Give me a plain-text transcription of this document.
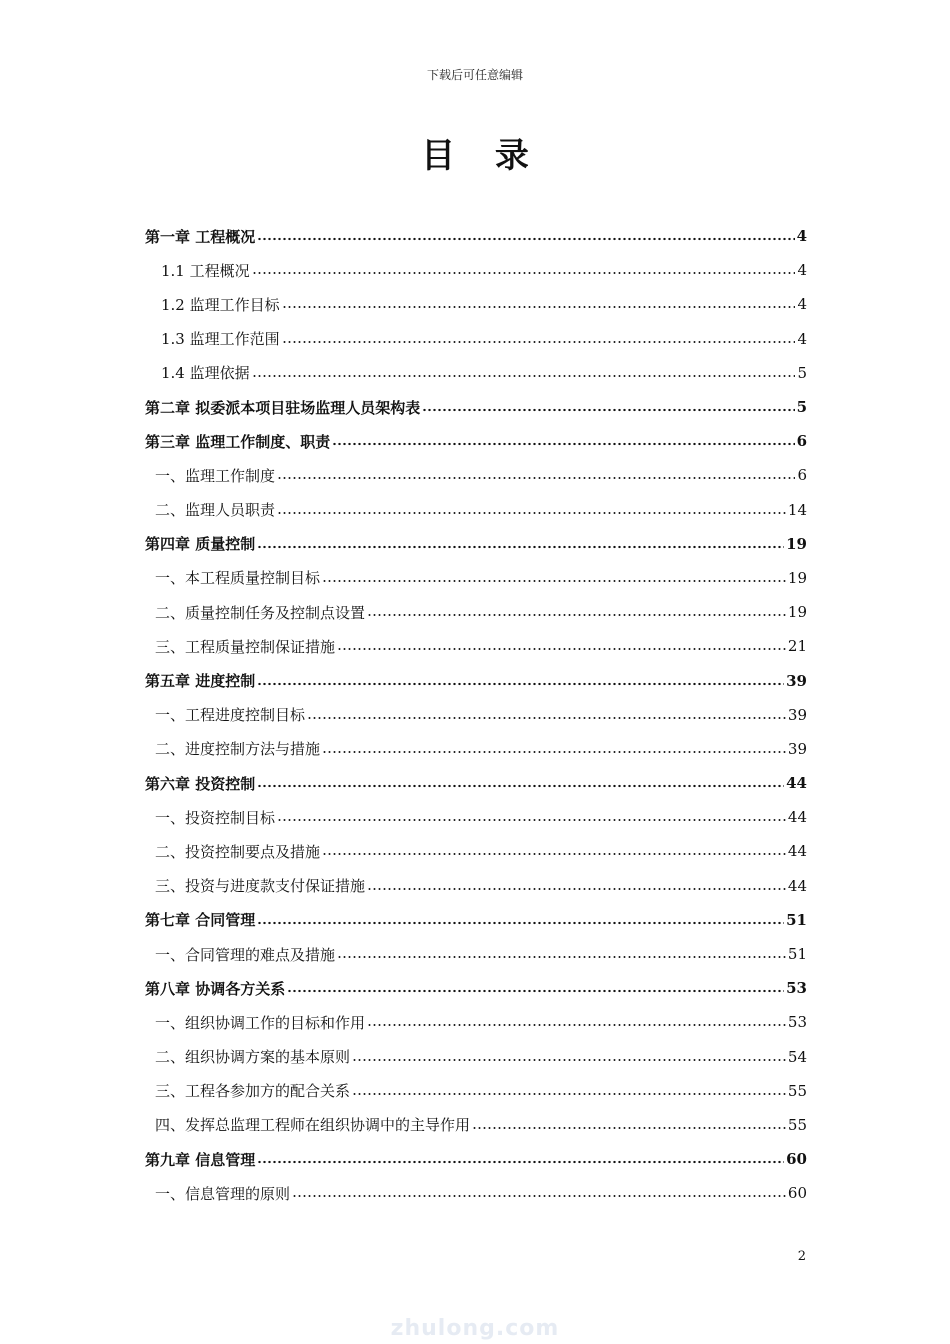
下载后可任意编辑
目 录
第一章 工程概况	4
1.1 工程概况	4
1.2 监理工作目标	4
1.3 监理工作范围	4
1.4 监理依据	5
第二章 拟委派本项目驻场监理人员架构表	5
第三章 监理工作制度、职责	6
一、监理工作制度	6
二、监理人员职责	14
第四章 质量控制	19
一、本工程质量控制目标	19
二、质量控制任务及控制点设置	19
三、工程质量控制保证措施	21
第五章 进度控制	39
一、工程进度控制目标	39
二、进度控制方法与措施	39
第六章 投资控制	44
一、投资控制目标	44
二、投资控制要点及措施	44
三、投资与进度款支付保证措施	44
第七章 合同管理	51
一、合同管理的难点及措施	51
第八章 协调各方关系	53
一、组织协调工作的目标和作用	53
二、组织协调方案的基本原则	54
三、工程各参加方的配合关系	55
四、发挥总监理工程师在组织协调中的主导作用	55
第九章 信息管理	60
一、信息管理的原则	60
2
zhulong.com
